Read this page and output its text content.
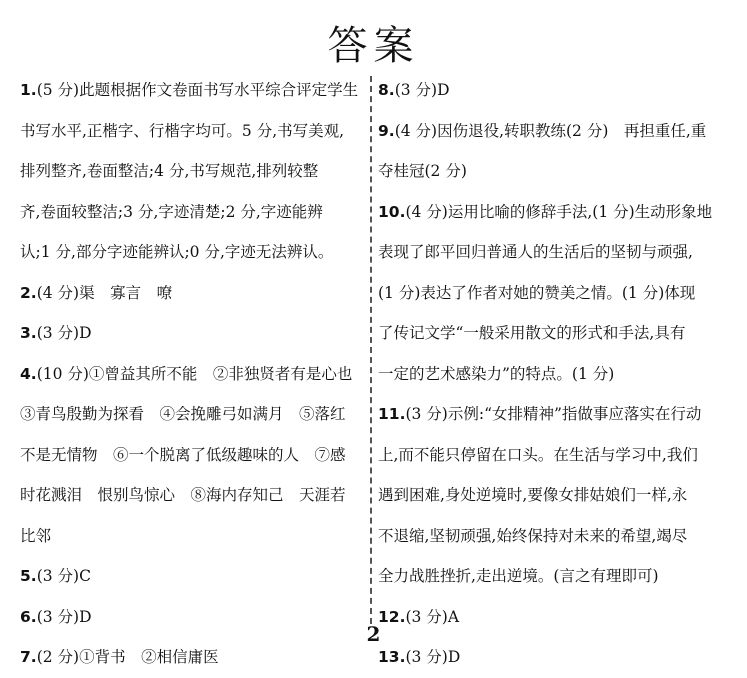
答案
1.(5 分)此题根据作文卷面书写水平综合评定学生
书写水平,正楷字、行楷字均可。5 分,书写美观,
排列整齐,卷面整洁;4 分,书写规范,排列较整
齐,卷面较整洁;3 分,字迹清楚;2 分,字迹能辨
认;1 分,部分字迹能辨认;0 分,字迹无法辨认。
2.(4 分)渠　寡言　嘹
3.(3 分)D
4.(10 分)①曾益其所不能　②非独贤者有是心也
③青鸟殷勤为探看　④会挽雕弓如满月　⑤落红
不是无情物　⑥一个脱离了低级趣味的人　⑦感
时花溅泪　恨别鸟惊心　⑧海内存知己　天涯若
比邻
5.(3 分)C
6.(3 分)D
7.(2 分)①背书　②相信庸医
8.(3 分)D
9.(4 分)因伤退役,转职教练(2 分)　再担重任,重
夺桂冠(2 分)
10.(4 分)运用比喻的修辞手法,(1 分)生动形象地
表现了郎平回归普通人的生活后的坚韧与顽强,
(1 分)表达了作者对她的赞美之情。(1 分)体现
了传记文学“一般采用散文的形式和手法,具有
一定的艺术感染力”的特点。(1 分)
11.(3 分)示例:“女排精神”指做事应落实在行动
上,而不能只停留在口头。在生活与学习中,我们
遇到困难,身处逆境时,要像女排姑娘们一样,永
不退缩,坚韧顽强,始终保持对未来的希望,竭尽
全力战胜挫折,走出逆境。(言之有理即可)
12.(3 分)A
13.(3 分)D
2
